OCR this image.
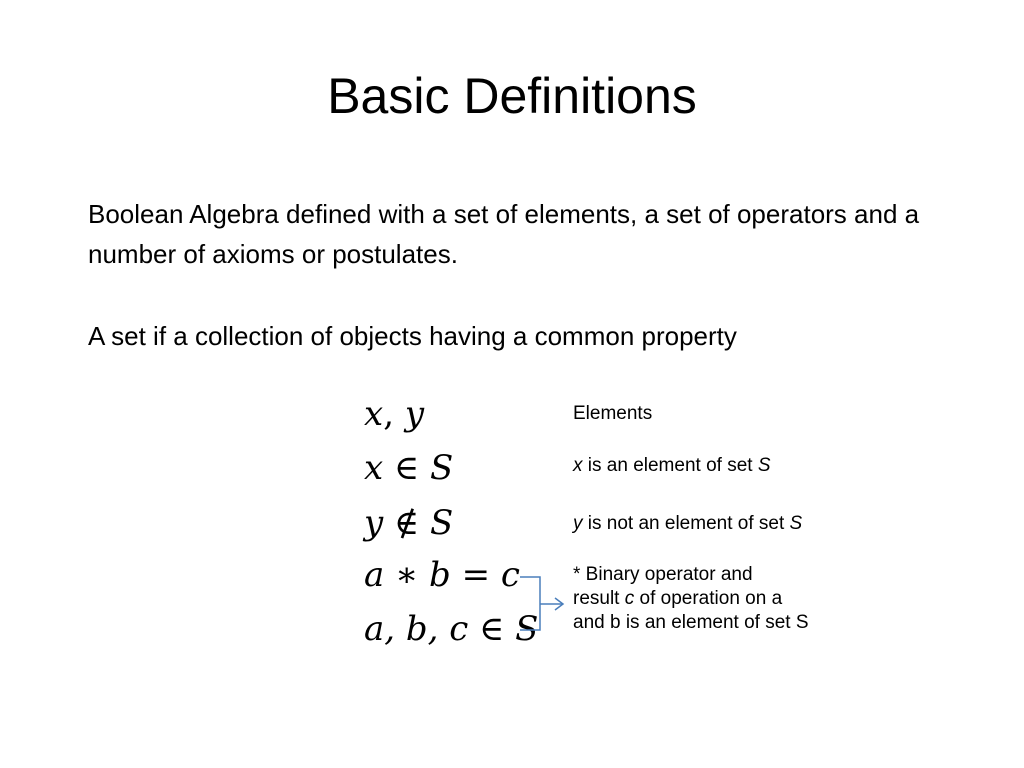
Basic Definitions
Boolean Algebra defined with a set of elements, a set of operators and a number of axioms or postulates.
A set if a collection of objects having a common property
x, y
x ∈ S
y ∉ S
a ∗ b = c
a, b, c ∈ S
Elements
x is an element of set S
y is not an element of set S
* Binary operator and
result c of operation on a
and b is an element of set S
